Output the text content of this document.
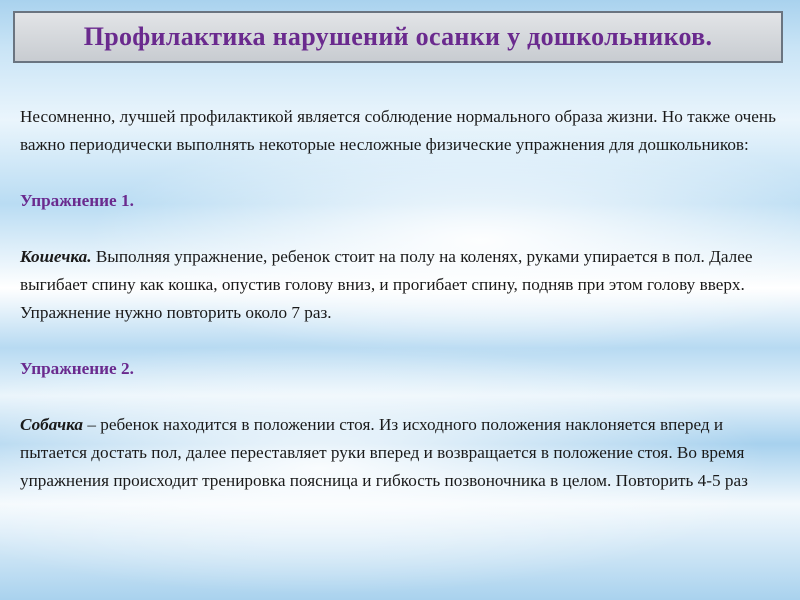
Профилактика нарушений осанки у дошкольников.

Несомненно, лучшей профилактикой является соблюдение нормального образа жизни. Но также очень важно периодически выполнять некоторые несложные физические упражнения для дошкольников:

Упражнение 1.

Кошечка. Выполняя упражнение, ребенок стоит на полу на коленях, руками упирается в пол. Далее выгибает спину как кошка, опустив голову вниз, и прогибает спину, подняв при этом голову вверх. Упражнение нужно повторить около 7 раз.

Упражнение 2.

Собачка – ребенок находится в положении стоя. Из исходного положения наклоняется вперед и пытается достать пол, далее переставляет руки вперед и возвращается в положение стоя. Во время упражнения происходит тренировка поясница и гибкость позвоночника в целом. Повторить 4-5 раз
